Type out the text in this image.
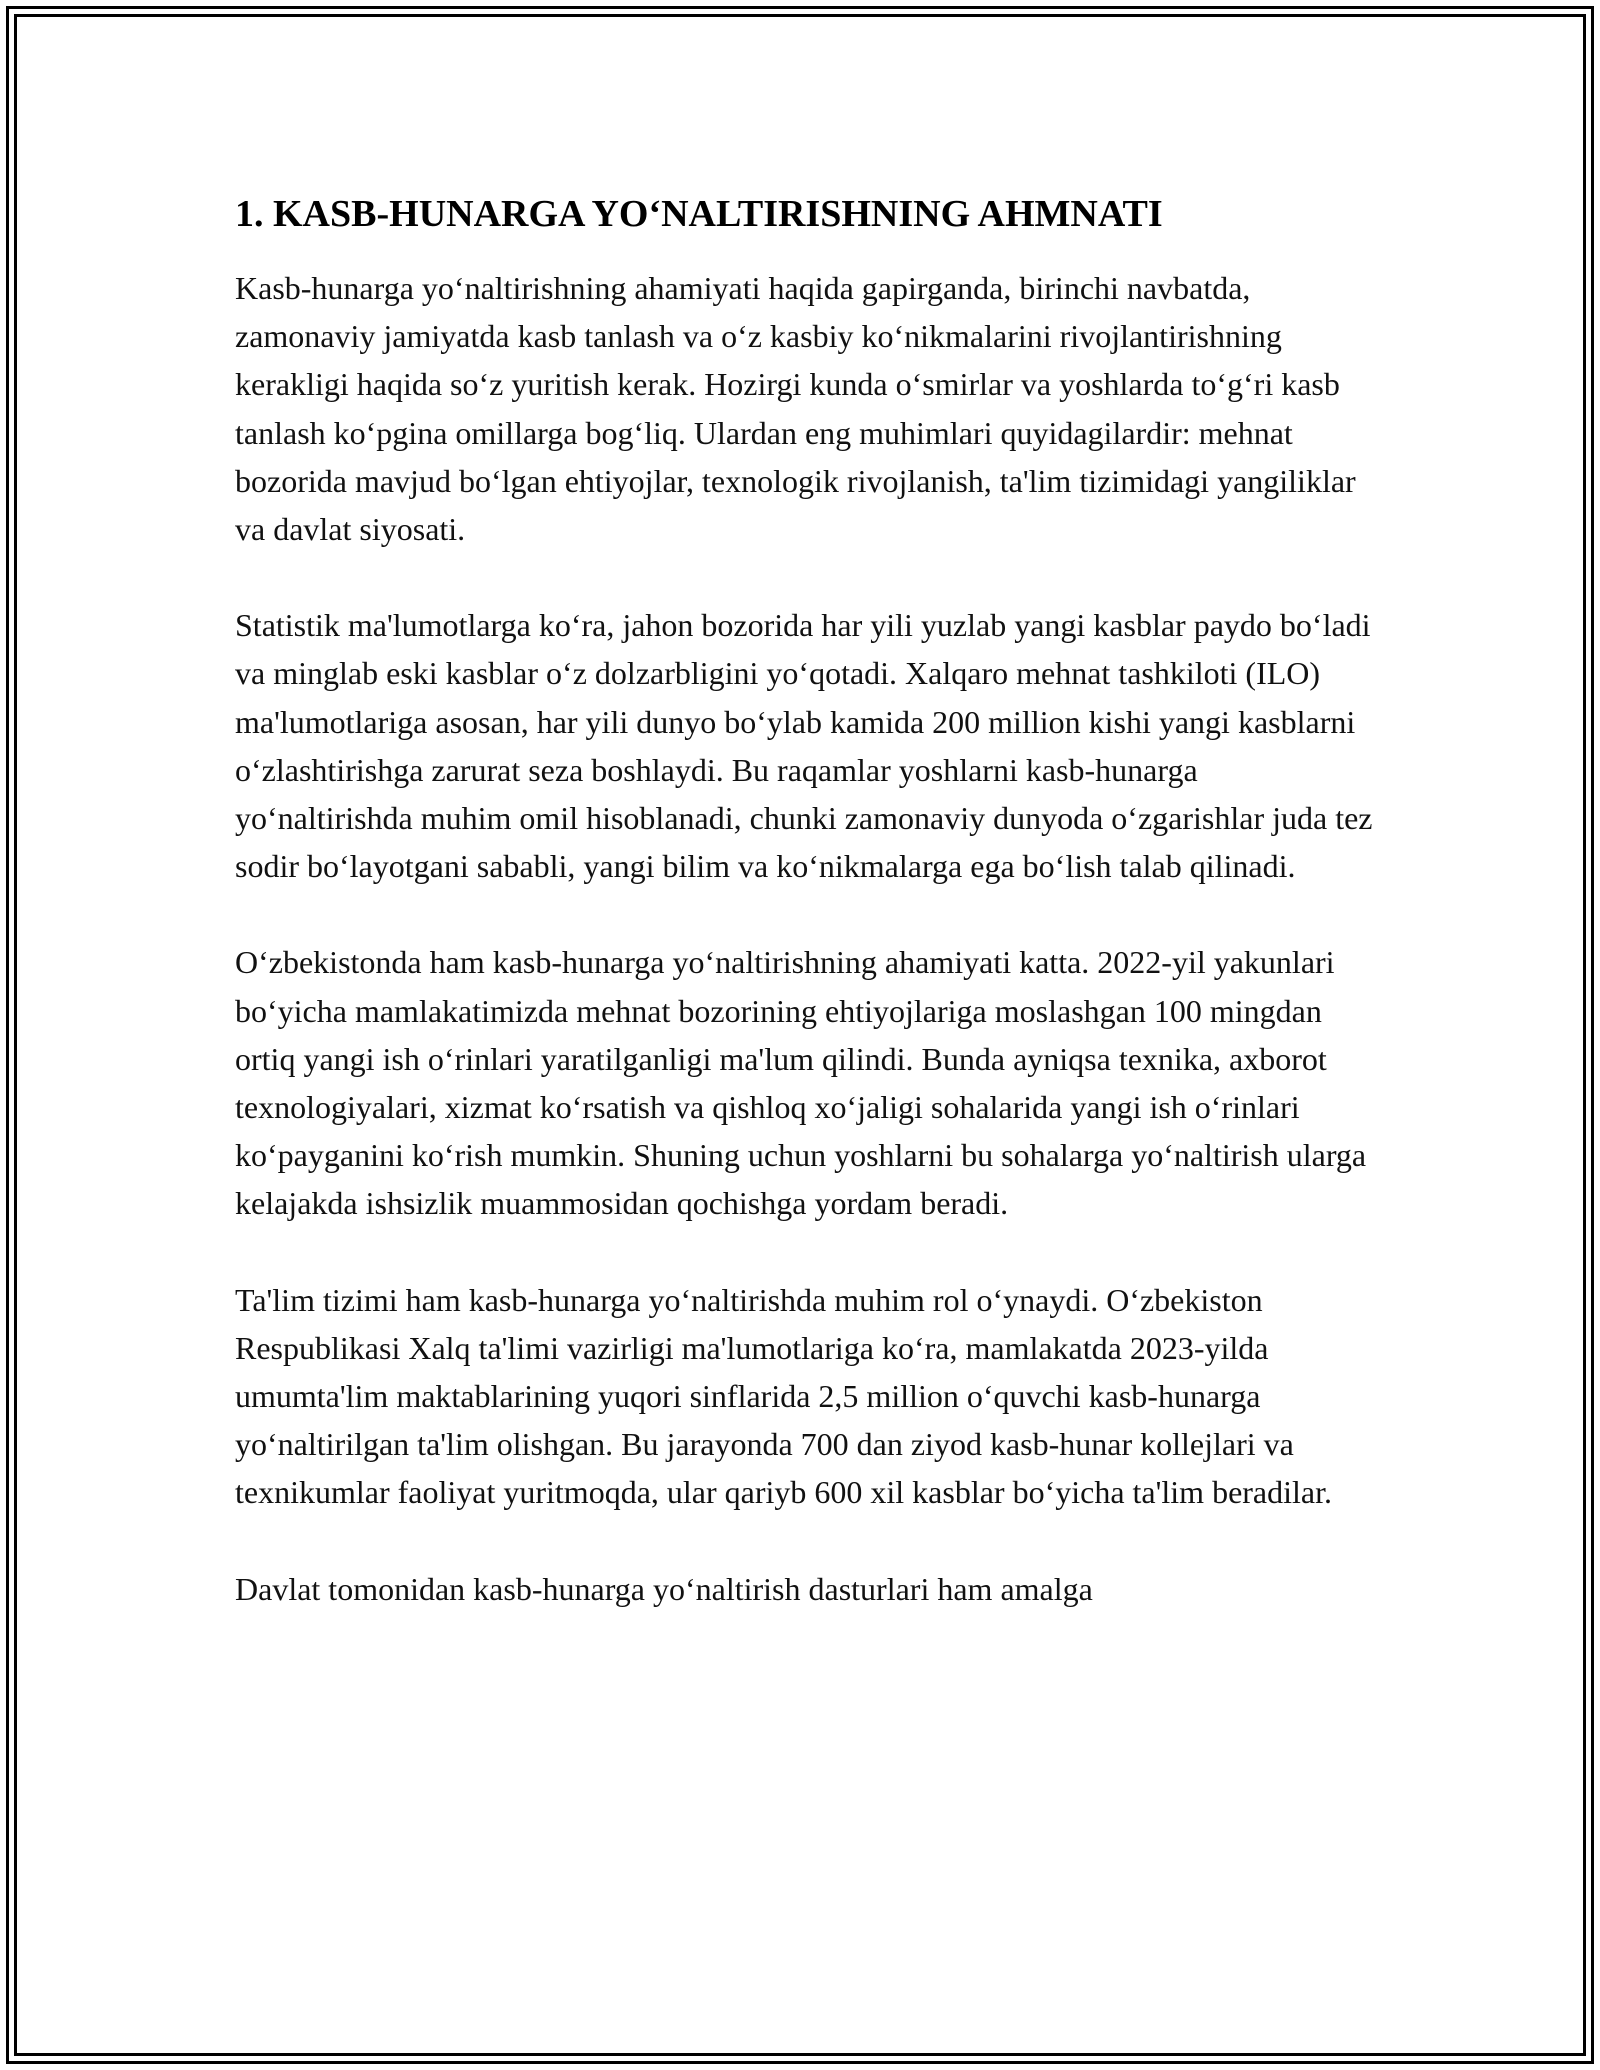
1. KASB-HUNARGA YOʻNALTIRISHNING AHMNATI

Kasb-hunarga yoʻnaltirishning ahamiyati haqida gapirganda, birinchi navbatda, zamonaviy jamiyatda kasb tanlash va oʻz kasbiy koʻnikmalarini rivojlantirishning kerakligi haqida soʻz yuritish kerak. Hozirgi kunda oʻsmirlar va yoshlarda toʻgʻri kasb tanlash koʻpgina omillarga bogʻliq. Ulardan eng muhimlari quyidagilardir: mehnat bozorida mavjud boʻlgan ehtiyojlar, texnologik rivojlanish, ta'lim tizimidagi yangiliklar va davlat siyosati.

Statistik ma'lumotlarga koʻra, jahon bozorida har yili yuzlab yangi kasblar paydo boʻladi va minglab eski kasblar oʻz dolzarbligini yoʻqotadi. Xalqaro mehnat tashkiloti (ILO) ma'lumotlariga asosan, har yili dunyo boʻylab kamida 200 million kishi yangi kasblarni oʻzlashtirishga zarurat seza boshlaydi. Bu raqamlar yoshlarni kasb-hunarga yoʻnaltirishda muhim omil hisoblanadi, chunki zamonaviy dunyoda oʻzgarishlar juda tez sodir boʻlayotgani sababli, yangi bilim va koʻnikmalarga ega boʻlish talab qilinadi.

Oʻzbekistonda ham kasb-hunarga yoʻnaltirishning ahamiyati katta. 2022-yil yakunlari boʻyicha mamlakatimizda mehnat bozorining ehtiyojlariga moslashgan 100 mingdan ortiq yangi ish oʻrinlari yaratilganligi ma'lum qilindi. Bunda ayniqsa texnika, axborot texnologiyalari, xizmat koʻrsatish va qishloq xoʻjaligi sohalarida yangi ish oʻrinlari koʻpayganini koʻrish mumkin. Shuning uchun yoshlarni bu sohalarga yoʻnaltirish ularga kelajakda ishsizlik muammosidan qochishga yordam beradi.

Ta'lim tizimi ham kasb-hunarga yoʻnaltirishda muhim rol oʻynaydi. Oʻzbekiston Respublikasi Xalq ta'limi vazirligi ma'lumotlariga koʻra, mamlakatda 2023-yilda umumta'lim maktablarining yuqori sinflarida 2,5 million oʻquvchi kasb-hunarga yoʻnaltirilgan ta'lim olishgan. Bu jarayonda 700 dan ziyod kasb-hunar kollejlari va texnikumlar faoliyat yuritmoqda, ular qariyb 600 xil kasblar boʻyicha ta'lim beradilar.

Davlat tomonidan kasb-hunarga yoʻnaltirish dasturlari ham amalga
